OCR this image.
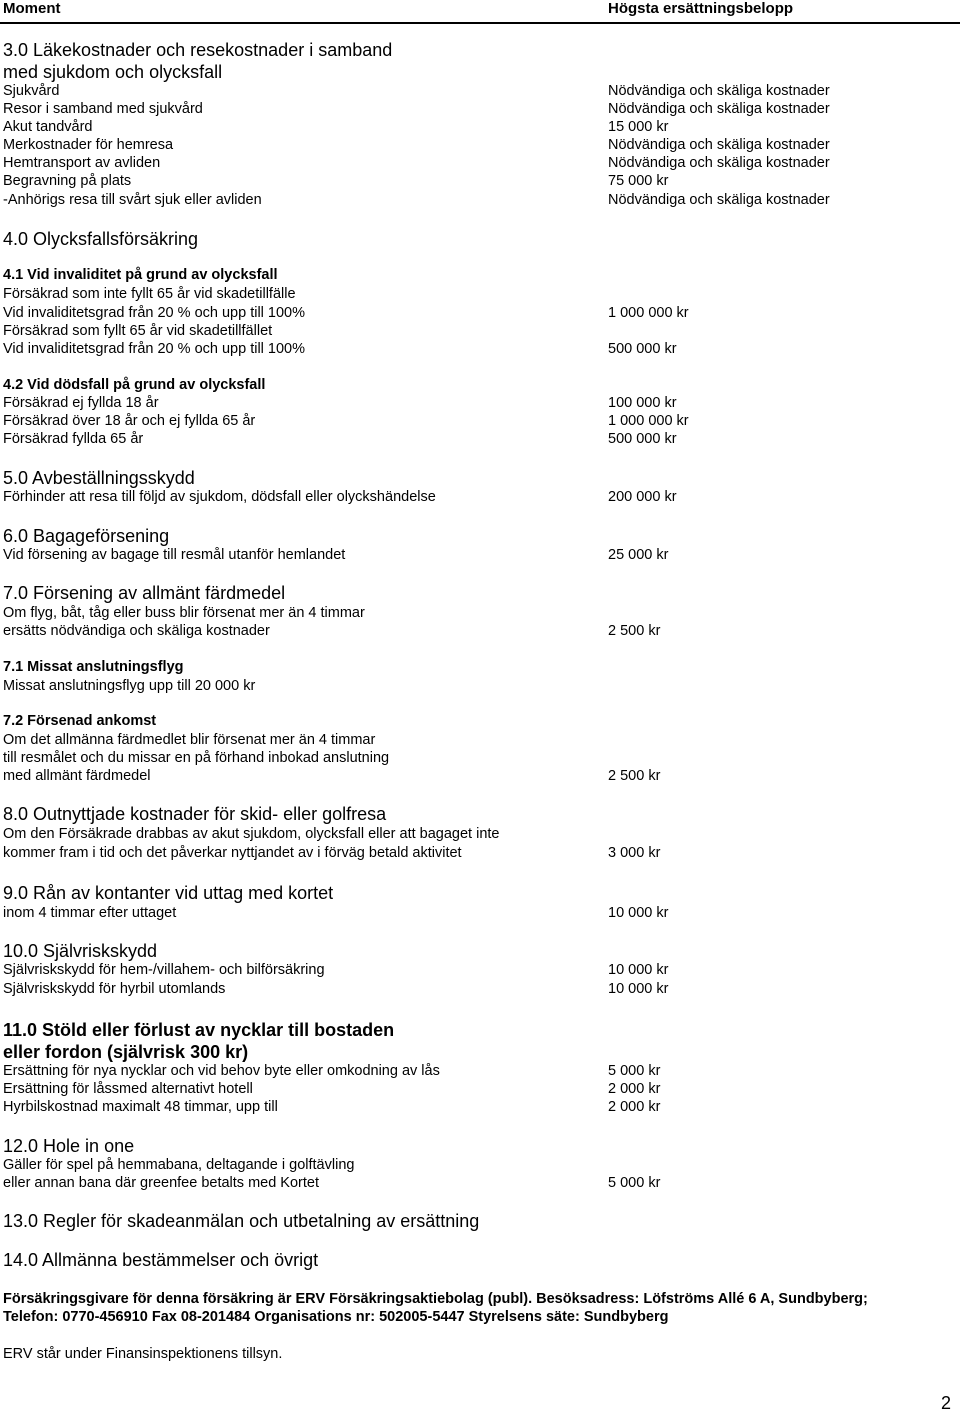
Moment	Högsta ersättningsbelopp
3.0 Läkekostnader och resekostnader i samband
med sjukdom och olycksfall
Sjukvård	Nödvändiga och skäliga kostnader
Resor i samband med sjukvård	Nödvändiga och skäliga kostnader
Akut tandvård	15 000 kr
Merkostnader för hemresa	Nödvändiga och skäliga kostnader
Hemtransport av avliden	Nödvändiga och skäliga kostnader
Begravning på plats	75 000 kr
-Anhörigs resa till svårt sjuk eller avliden	Nödvändiga och skäliga kostnader
4.0 Olycksfallsförsäkring
4.1 Vid invaliditet på grund av olycksfall
Försäkrad som inte fyllt 65 år vid skadetillfälle
Vid invaliditetsgrad från 20 % och upp till 100%	1 000 000 kr
Försäkrad som fyllt 65 år vid skadetillfället
Vid invaliditetsgrad från 20 % och upp till 100%	500 000 kr
4.2 Vid dödsfall på grund av olycksfall
Försäkrad ej fyllda 18 år	100 000 kr
Försäkrad över 18 år och ej fyllda 65 år	1 000 000 kr
Försäkrad fyllda 65 år	500 000 kr
5.0 Avbeställningsskydd
Förhinder att resa till följd av sjukdom, dödsfall eller olyckshändelse	200 000 kr
6.0 Bagageförsening
Vid försening av bagage till resmål utanför hemlandet	25 000 kr
7.0 Försening av allmänt färdmedel
Om flyg, båt, tåg eller buss blir försenat mer än 4 timmar
ersätts nödvändiga och skäliga kostnader	2 500 kr
7.1 Missat anslutningsflyg
Missat anslutningsflyg upp till 20 000 kr
7.2 Försenad ankomst
Om det allmänna färdmedlet blir försenat mer än 4 timmar
till resmålet och du missar en på förhand inbokad anslutning
med allmänt färdmedel	2 500 kr
8.0 Outnyttjade kostnader för skid- eller golfresa
Om den Försäkrade drabbas av akut sjukdom, olycksfall eller att bagaget inte
kommer fram i tid och det påverkar nyttjandet av i förväg betald aktivitet	3 000 kr
9.0 Rån av kontanter vid uttag med kortet
inom 4 timmar efter uttaget	10 000 kr
10.0 Självriskskydd
Självriskskydd för hem-/villahem- och bilförsäkring	10 000 kr
Självriskskydd för hyrbil utomlands	10 000 kr
11.0 Stöld eller förlust av nycklar till bostaden
eller fordon (självrisk 300 kr)
Ersättning för nya nycklar och vid behov byte eller omkodning av lås	5 000 kr
Ersättning för låssmed alternativt hotell	2 000 kr
Hyrbilskostnad maximalt 48 timmar, upp till	2 000 kr
12.0 Hole in one
Gäller för spel på hemmabana, deltagande i golftävling
eller annan bana där greenfee betalts med Kortet	5 000 kr
13.0 Regler för skadeanmälan och utbetalning av ersättning
14.0 Allmänna bestämmelser och övrigt
Försäkringsgivare för denna försäkring är ERV Försäkringsaktiebolag (publ). Besöksadress: Löfströms Allé 6 A, Sundbyberg;
Telefon: 0770-456910 Fax 08-201484 Organisations nr: 502005-5447 Styrelsens säte: Sundbyberg
ERV står under Finansinspektionens tillsyn.
2
